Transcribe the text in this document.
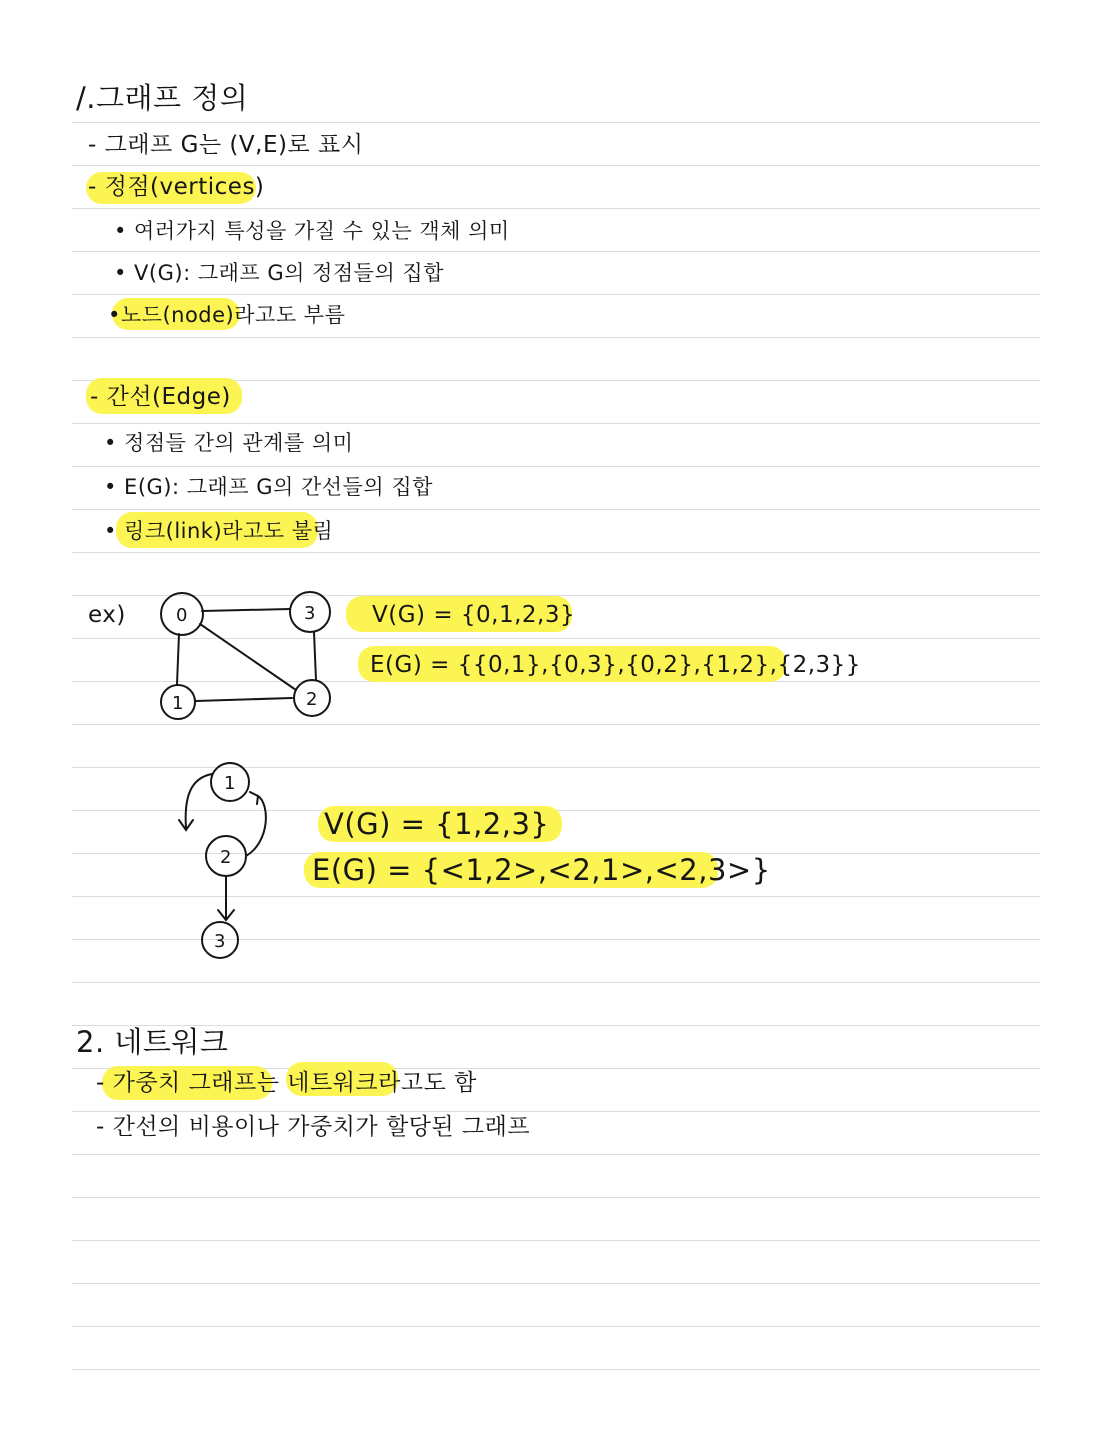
/.그래프 정의
- 그래프 G는 (V,E)로 표시
- 정점(vertices)
• 여러가지 특성을 가질 수 있는 객체 의미
• V(G): 그래프 G의 정점들의 집합
•노드(node)라고도 부름
- 간선(Edge)
• 정점들 간의 관계를 의미
• E(G): 그래프 G의 간선들의 집합
• 링크(link)라고도 불림
ex)	0	3
1	2
V(G) = {0,1,2,3}
E(G) = {{0,1},{0,3},{0,2},{1,2},{2,3}}
1
2
3
V(G) = {1,2,3}
E(G) = {<1,2>,<2,1>,<2,3>}
2. 네트워크
- 가중치 그래프는 네트워크라고도 함
- 간선의 비용이나 가중치가 할당된 그래프
